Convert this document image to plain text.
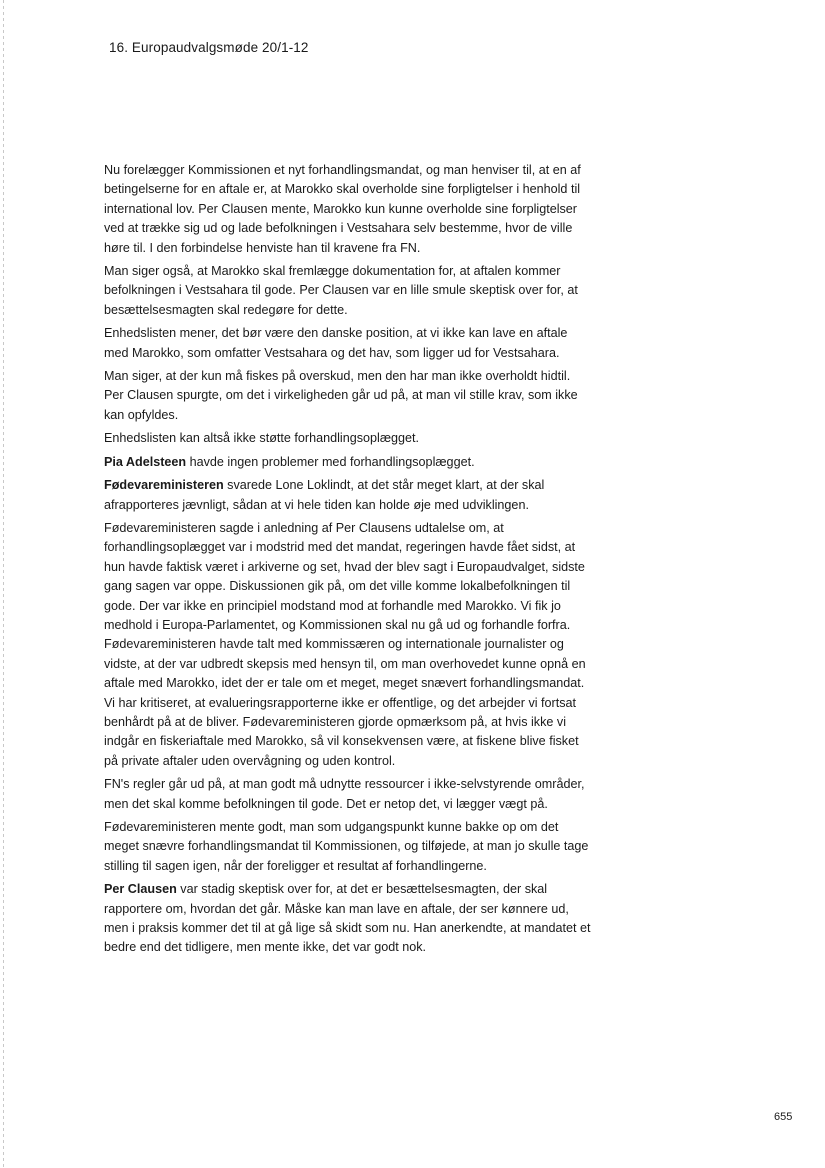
16. Europaudvalgsmøde 20/1-12

Nu forelægger Kommissionen et nyt forhandlingsmandat, og man henviser til, at en af betingelserne for en aftale er, at Marokko skal overholde sine forpligtelser i henhold til international lov. Per Clausen mente, Marokko kun kunne overholde sine forpligtelser ved at trække sig ud og lade befolkningen i Vestsahara selv bestemme, hvor de ville høre til. I den forbindelse henviste han til kravene fra FN.

Man siger også, at Marokko skal fremlægge dokumentation for, at aftalen kommer befolkningen i Vestsahara til gode. Per Clausen var en lille smule skeptisk over for, at besættelsesmagten skal redegøre for dette.

Enhedslisten mener, det bør være den danske position, at vi ikke kan lave en aftale med Marokko, som omfatter Vestsahara og det hav, som ligger ud for Vestsahara.

Man siger, at der kun må fiskes på overskud, men den har man ikke overholdt hidtil. Per Clausen spurgte, om det i virkeligheden går ud på, at man vil stille krav, som ikke kan opfyldes.

Enhedslisten kan altså ikke støtte forhandlingsoplægget.

Pia Adelsteen havde ingen problemer med forhandlingsoplægget.

Fødevareministeren svarede Lone Loklindt, at det står meget klart, at der skal afrapporteres jævnligt, sådan at vi hele tiden kan holde øje med udviklingen.

Fødevareministeren sagde i anledning af Per Clausens udtalelse om, at forhandlingsoplægget var i modstrid med det mandat, regeringen havde fået sidst, at hun havde faktisk været i arkiverne og set, hvad der blev sagt i Europaudvalget, sidste gang sagen var oppe. Diskussionen gik på, om det ville komme lokalbefolkningen til gode. Der var ikke en principiel modstand mod at forhandle med Marokko. Vi fik jo medhold i Europa-Parlamentet, og Kommissionen skal nu gå ud og forhandle forfra. Fødevareministeren havde talt med kommissæren og internationale journalister og vidste, at der var udbredt skepsis med hensyn til, om man overhovedet kunne opnå en aftale med Marokko, idet der er tale om et meget, meget snævert forhandlingsmandat. Vi har kritiseret, at evalueringsrapporterne ikke er offentlige, og det arbejder vi fortsat benhårdt på at de bliver. Fødevareministeren gjorde opmærksom på, at hvis ikke vi indgår en fiskeriaftale med Marokko, så vil konsekvensen være, at fiskene blive fisket på private aftaler uden overvågning og uden kontrol.

FN's regler går ud på, at man godt må udnytte ressourcer i ikke-selvstyrende områder, men det skal komme befolkningen til gode. Det er netop det, vi lægger vægt på.

Fødevareministeren mente godt, man som udgangspunkt kunne bakke op om det meget snævre forhandlingsmandat til Kommissionen, og tilføjede, at man jo skulle tage stilling til sagen igen, når der foreligger et resultat af forhandlingerne.

Per Clausen var stadig skeptisk over for, at det er besættelsesmagten, der skal rapportere om, hvordan det går. Måske kan man lave en aftale, der ser kønnere ud, men i praksis kommer det til at gå lige så skidt som nu. Han anerkendte, at mandatet et bedre end det tidligere, men mente ikke, det var godt nok.

655
